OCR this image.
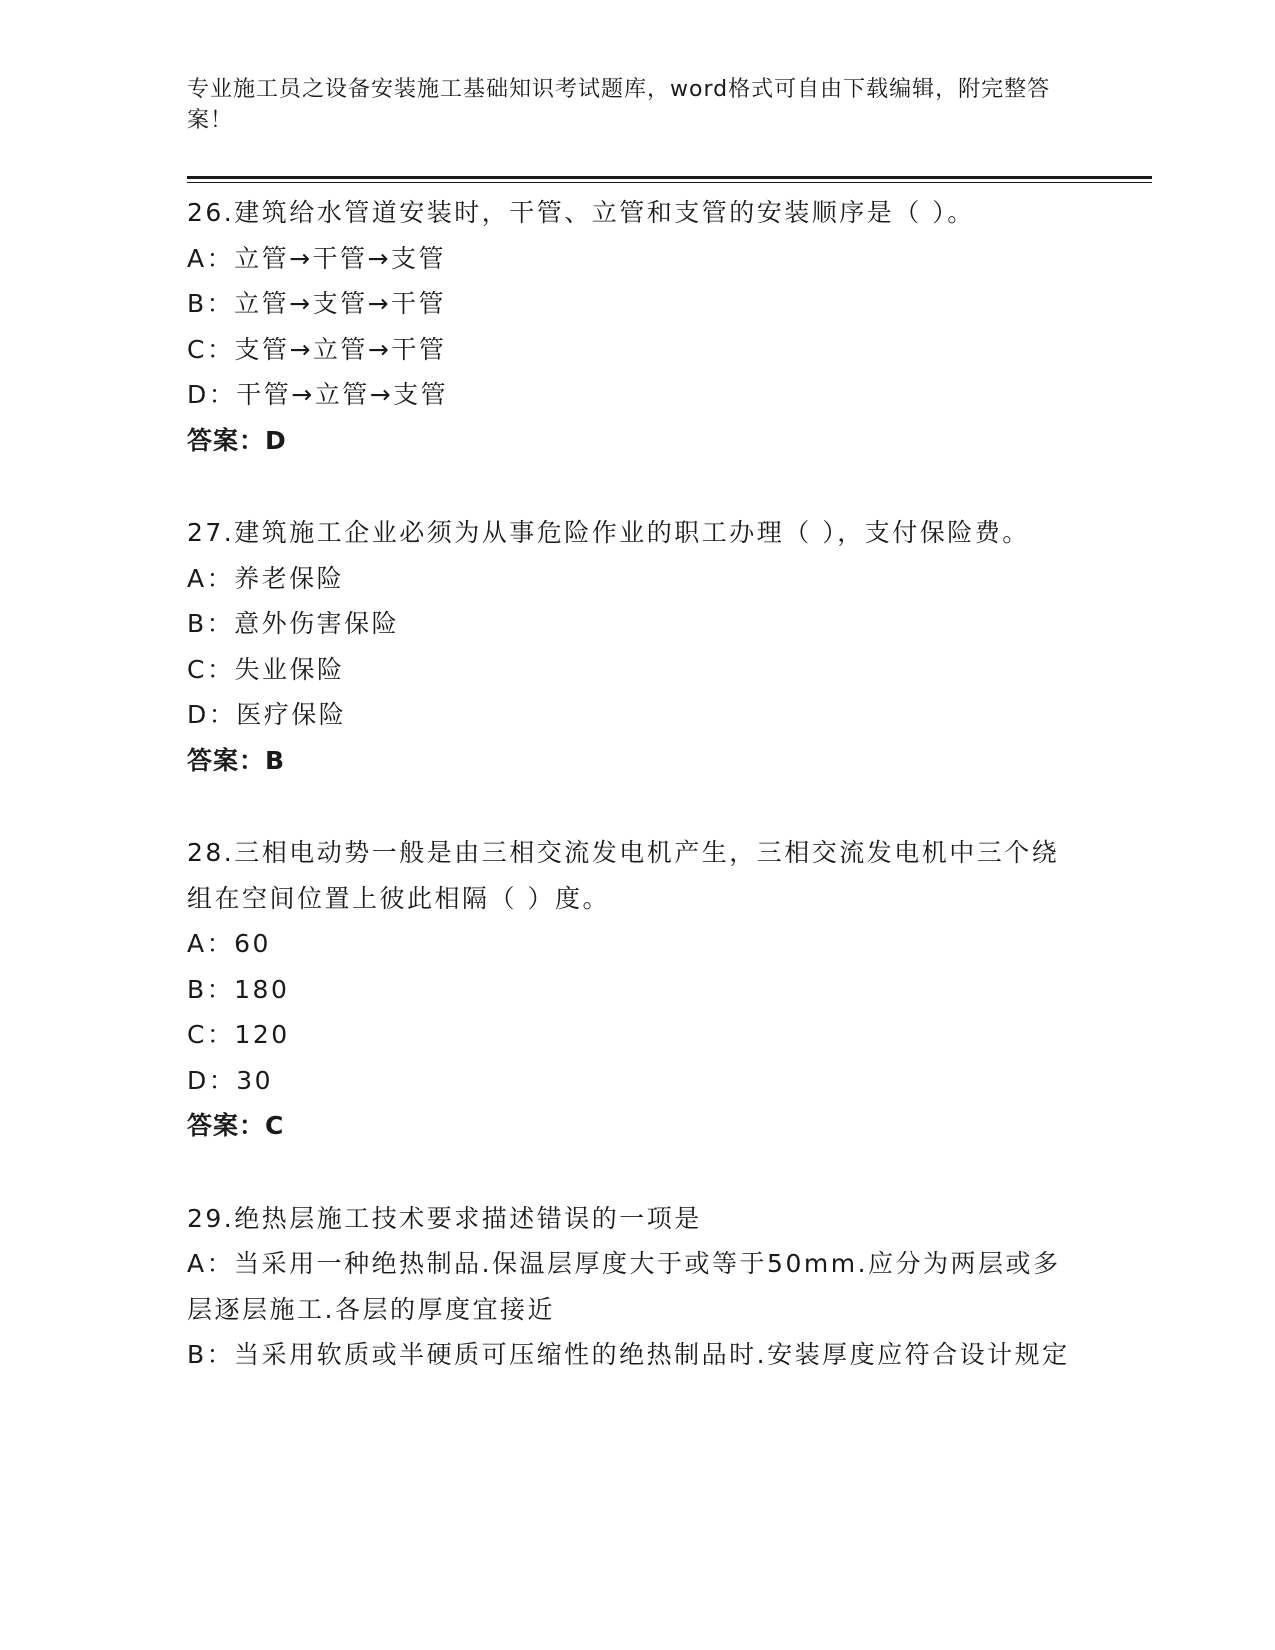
专业施工员之设备安装施工基础知识考试题库，word格式可自由下载编辑，附完整答案！
26.建筑给水管道安装时，干管、立管和支管的安装顺序是（ ）。
A：立管→干管→支管
B：立管→支管→干管
C：支管→立管→干管
D：干管→立管→支管
答案：D
27.建筑施工企业必须为从事危险作业的职工办理（ ），支付保险费。
A：养老保险
B：意外伤害保险
C：失业保险
D：医疗保险
答案：B
28.三相电动势一般是由三相交流发电机产生，三相交流发电机中三个绕组在空间位置上彼此相隔（ ）度。
A：60
B：180
C：120
D：30
答案：C
29.绝热层施工技术要求描述错误的一项是
A：当采用一种绝热制品.保温层厚度大于或等于50mm.应分为两层或多层逐层施工.各层的厚度宜接近
B：当采用软质或半硬质可压缩性的绝热制品时.安装厚度应符合设计规定
